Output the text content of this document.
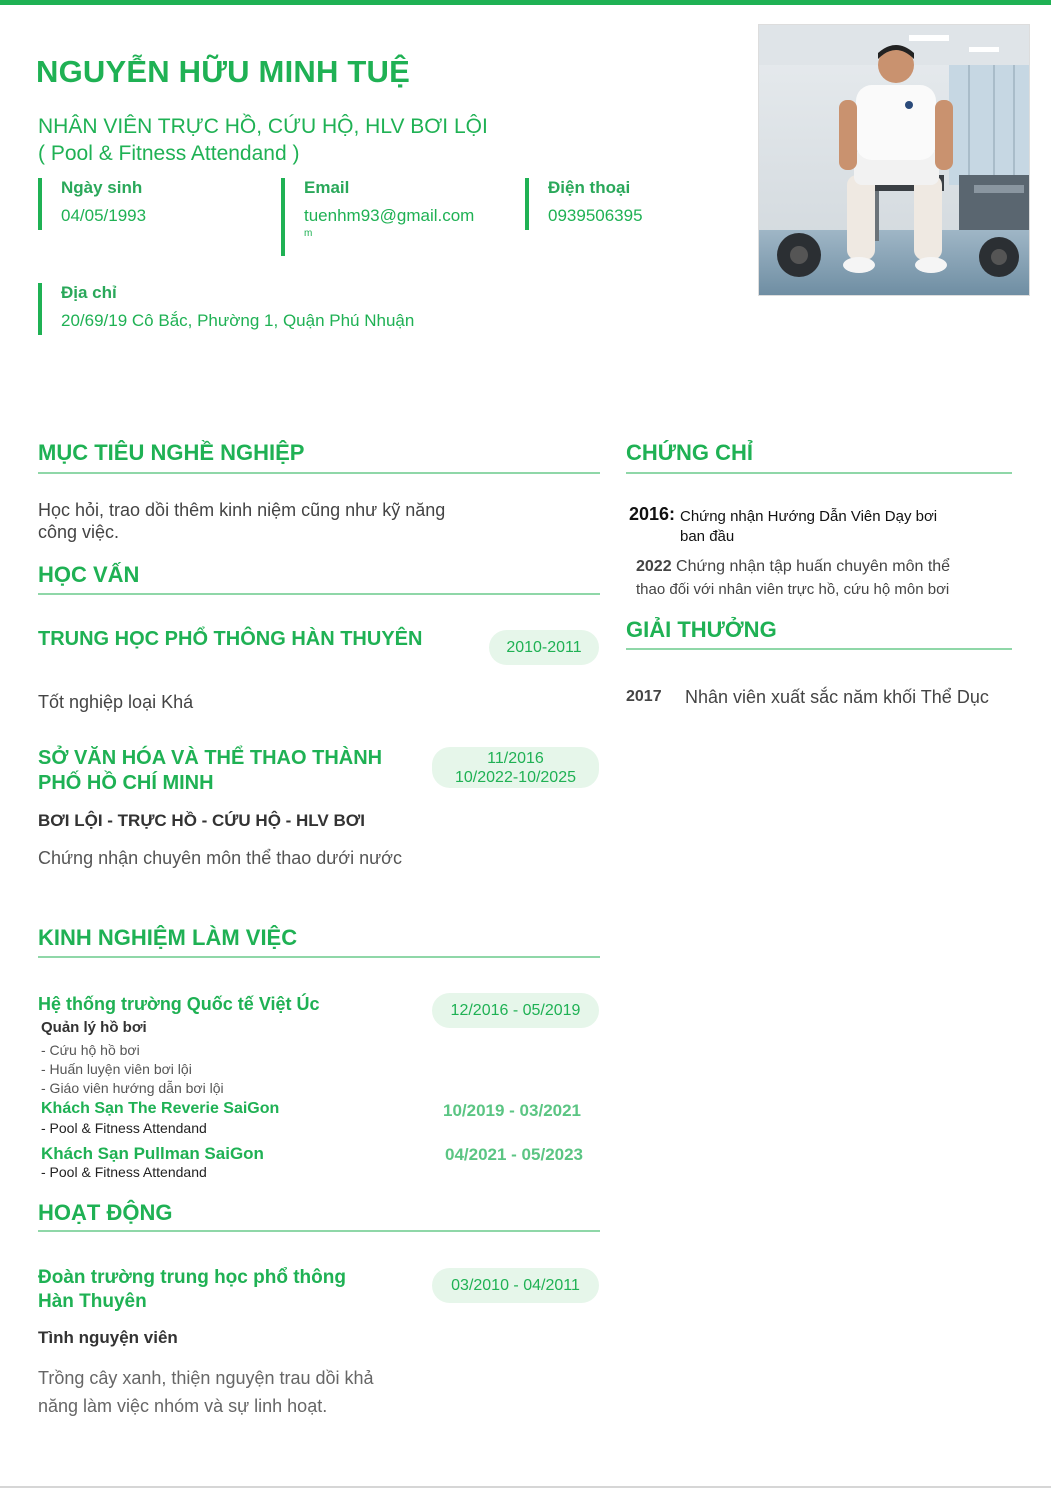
NGUYỄN HỮU MINH TUỆ
NHÂN VIÊN TRỰC HỒ, CỨU HỘ, HLV BƠI LỘI
( Pool & Fitness Attendand )
Ngày sinh
04/05/1993
Email
tuenhm93@gmail.com
m
Điện thoại
0939506395
Địa chỉ
20/69/19 Cô Bắc, Phường 1, Quận Phú Nhuận
MỤC TIÊU NGHỀ NGHIỆP
Học hỏi, trao dồi thêm kinh niệm cũng như kỹ năng
công việc.
HỌC VẤN
TRUNG HỌC PHỔ THÔNG HÀN THUYÊN	2010-2011
Tốt nghiệp loại Khá
SỞ VĂN HÓA VÀ THỂ THAO THÀNH
PHỐ HỒ CHÍ MINH
11/2016
10/2022-10/2025
BƠI LỘI - TRỰC HỒ - CỨU HỘ - HLV BƠI
Chứng nhận chuyên môn thể thao dưới nước
KINH NGHIỆM LÀM VIỆC
Hệ thống trường Quốc tế Việt Úc	12/2016 - 05/2019
Quản lý hồ bơi
- Cứu hộ hồ bơi
- Huấn luyện viên bơi lội
- Giáo viên hướng dẫn bơi lội
Khách Sạn The Reverie SaiGon	10/2019 - 03/2021
- Pool & Fitness Attendand
Khách Sạn Pullman SaiGon	04/2021 - 05/2023
- Pool & Fitness Attendand
HOẠT ĐỘNG
Đoàn trường trung học phổ thông
Hàn Thuyên
03/2010 - 04/2011
Tình nguyện viên
Trồng cây xanh, thiện nguyện trau dồi khả
năng làm việc nhóm và sự linh hoạt.
CHỨNG CHỈ
2016: Chứng nhận Hướng Dẫn Viên Dạy bơi
ban đầu
2022 Chứng nhận tập huấn chuyên môn thể
thao đối với nhân viên trực hồ, cứu hộ môn bơi
GIẢI THƯỞNG
2017 Nhân viên xuất sắc năm khối Thể Dục
